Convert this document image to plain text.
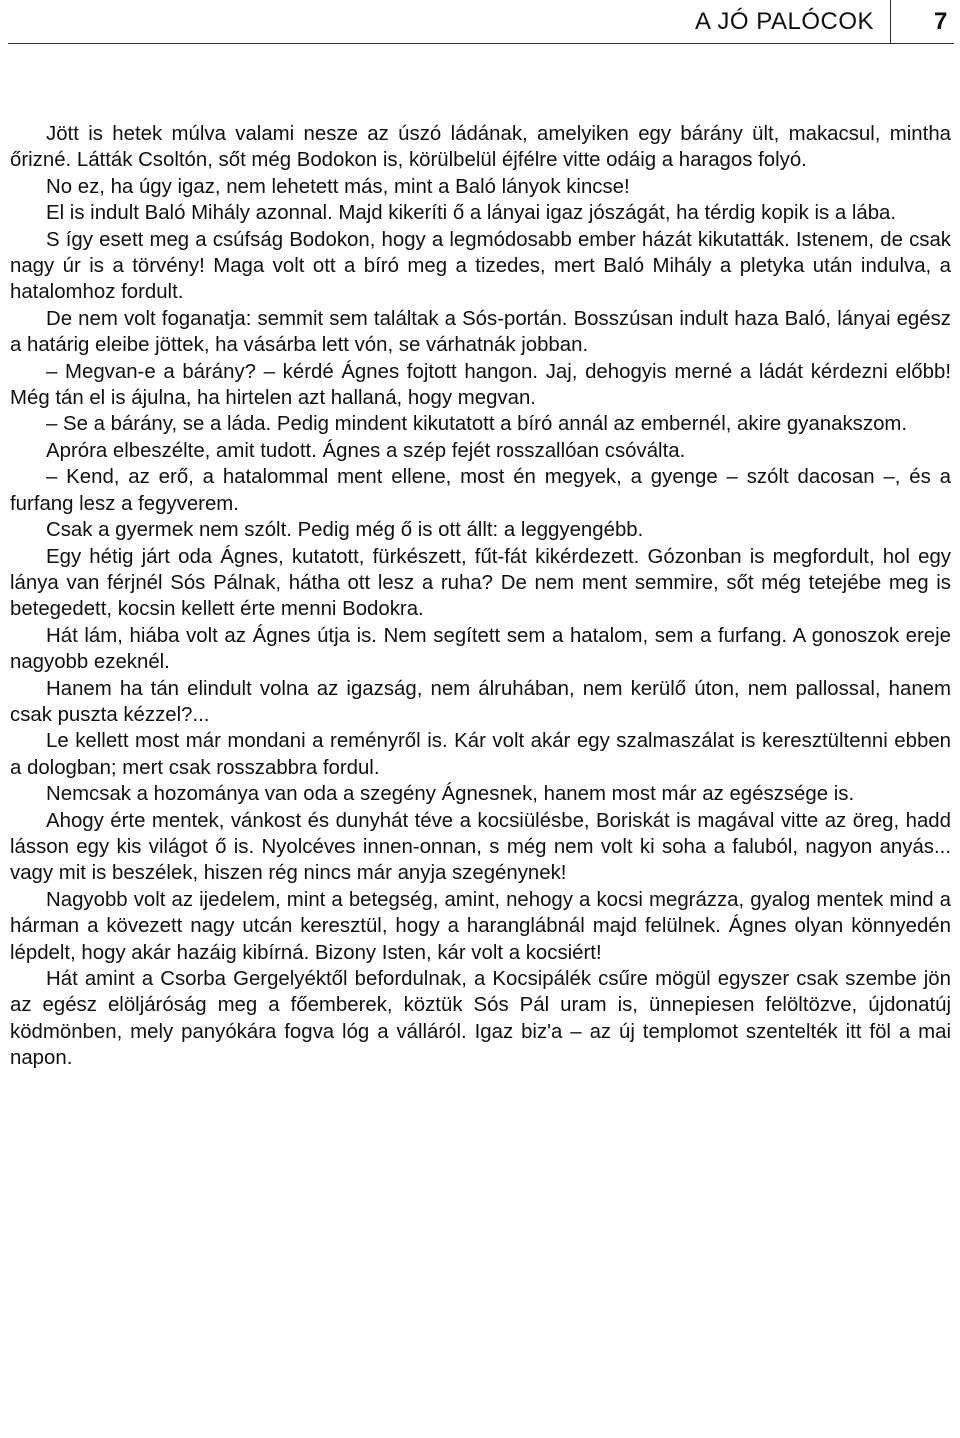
A JÓ PALÓCOK	7

Jött is hetek múlva valami nesze az úszó ládának, amelyiken egy bárány ült, makacsul, mintha őrizné. Látták Csoltón, sőt még Bodokon is, körülbelül éjfélre vitte odáig a haragos folyó.

No ez, ha úgy igaz, nem lehetett más, mint a Baló lányok kincse!

El is indult Baló Mihály azonnal. Majd kikeríti ő a lányai igaz jószágát, ha térdig kopik is a lába.

S így esett meg a csúfság Bodokon, hogy a legmódosabb ember házát kikutatták. Istenem, de csak nagy úr is a törvény! Maga volt ott a bíró meg a tizedes, mert Baló Mihály a pletyka után indulva, a hatalomhoz fordult.

De nem volt foganatja: semmit sem találtak a Sós-portán. Bosszúsan indult haza Baló, lányai egész a határig eleibe jöttek, ha vásárba lett vón, se várhatnák jobban.

– Megvan-e a bárány? – kérdé Ágnes fojtott hangon. Jaj, dehogyis merné a ládát kérdezni előbb! Még tán el is ájulna, ha hirtelen azt hallaná, hogy megvan.

– Se a bárány, se a láda. Pedig mindent kikutatott a bíró annál az embernél, akire gyanakszom.

Apróra elbeszélte, amit tudott. Ágnes a szép fejét rosszallóan csóválta.

– Kend, az erő, a hatalommal ment ellene, most én megyek, a gyenge – szólt dacosan –, és a furfang lesz a fegyverem.

Csak a gyermek nem szólt. Pedig még ő is ott állt: a leggyengébb.

Egy hétig járt oda Ágnes, kutatott, fürkészett, fűt-fát kikérdezett. Gózonban is megfordult, hol egy lánya van férjnél Sós Pálnak, hátha ott lesz a ruha? De nem ment semmire, sőt még tetejébe meg is betegedett, kocsin kellett érte menni Bodokra.

Hát lám, hiába volt az Ágnes útja is. Nem segített sem a hatalom, sem a furfang. A gonoszok ereje nagyobb ezeknél.

Hanem ha tán elindult volna az igazság, nem álruhában, nem kerülő úton, nem pallossal, hanem csak puszta kézzel?...

Le kellett most már mondani a reményről is. Kár volt akár egy szalmaszálat is keresztültenni ebben a dologban; mert csak rosszabbra fordul.

Nemcsak a hozománya van oda a szegény Ágnesnek, hanem most már az egészsége is.

Ahogy érte mentek, vánkost és dunyhát téve a kocsiülésbe, Boriskát is magával vitte az öreg, hadd lásson egy kis világot ő is. Nyolcéves innen-onnan, s még nem volt ki soha a faluból, nagyon anyás... vagy mit is beszélek, hiszen rég nincs már anyja szegénynek!

Nagyobb volt az ijedelem, mint a betegség, amint, nehogy a kocsi megrázza, gyalog mentek mind a hárman a kövezett nagy utcán keresztül, hogy a haranglábnál majd felülnek. Ágnes olyan könnyedén lépdelt, hogy akár hazáig kibírná. Bizony Isten, kár volt a kocsiért!

Hát amint a Csorba Gergelyéktől befordulnak, a Kocsipálék csűre mögül egyszer csak szembe jön az egész elöljáróság meg a főemberek, köztük Sós Pál uram is, ünnepiesen felöltözve, újdonatúj ködmönben, mely panyókára fogva lóg a válláról. Igaz biz'a – az új templomot szentelték itt föl a mai napon.
